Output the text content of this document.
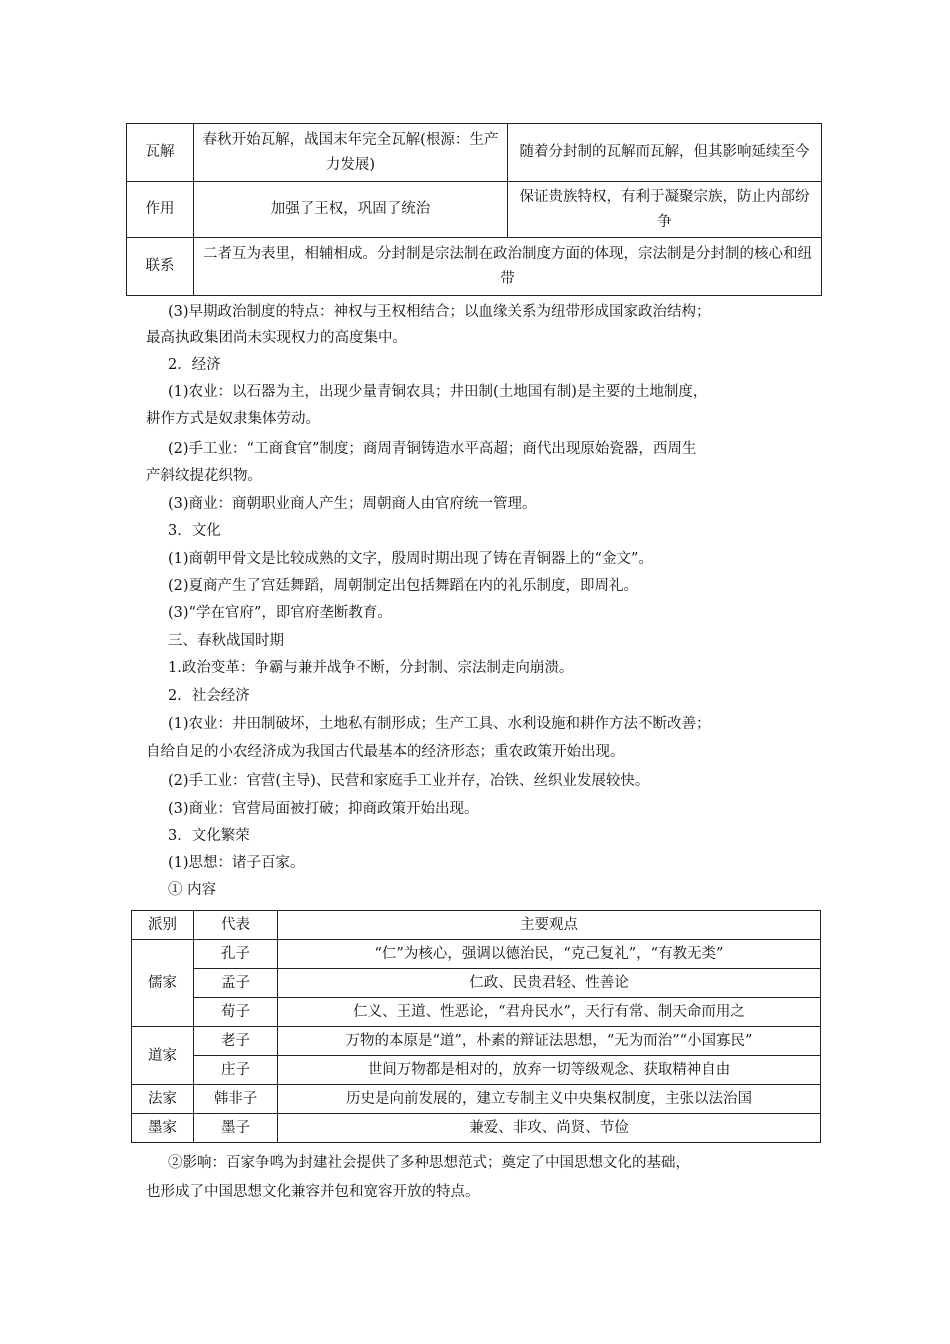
瓦解	春秋开始瓦解，战国末年完全瓦解(根源：生产力发展)	随着分封制的瓦解而瓦解，但其影响延续至今
作用	加强了王权，巩固了统治	保证贵族特权，有利于凝聚宗族，防止内部纷争
联系	二者互为表里，相辅相成。分封制是宗法制在政治制度方面的体现，宗法制是分封制的核心和纽带	
(3)早期政治制度的特点：神权与王权相结合；以血缘关系为纽带形成国家政治结构；
最高执政集团尚未实现权力的高度集中。
2．经济
(1)农业：以石器为主，出现少量青铜农具；井田制(土地国有制)是主要的土地制度，
耕作方式是奴隶集体劳动。
(2)手工业：“工商食官”制度；商周青铜铸造水平高超；商代出现原始瓷器，西周生
产斜纹提花织物。
(3)商业：商朝职业商人产生；周朝商人由官府统一管理。
3．文化
(1)商朝甲骨文是比较成熟的文字，殷周时期出现了铸在青铜器上的“金文”。
(2)夏商产生了宫廷舞蹈，周朝制定出包括舞蹈在内的礼乐制度，即周礼。
(3)“学在官府”，即官府垄断教育。
三、春秋战国时期
1.政治变革：争霸与兼并战争不断，分封制、宗法制走向崩溃。
2．社会经济
(1)农业：井田制破坏，土地私有制形成；生产工具、水利设施和耕作方法不断改善；
自给自足的小农经济成为我国古代最基本的经济形态；重农政策开始出现。
(2)手工业：官营(主导)、民营和家庭手工业并存，冶铁、丝织业发展较快。
(3)商业：官营局面被打破；抑商政策开始出现。
3．文化繁荣
(1)思想：诸子百家。
① 内容
派别	代表	主要观点
儒家	孔子	“仁”为核心，强调以德治民，“克己复礼”，“有教无类”
	孟子	仁政、民贵君轻、性善论
	荀子	仁义、王道、性恶论，“君舟民水”，天行有常、制天命而用之
道家	老子	万物的本原是“道”，朴素的辩证法思想，“无为而治”“小国寡民”
	庄子	世间万物都是相对的，放弃一切等级观念、获取精神自由
法家	韩非子	历史是向前发展的，建立专制主义中央集权制度，主张以法治国
墨家	墨子	兼爱、非攻、尚贤、节俭
②影响：百家争鸣为封建社会提供了多种思想范式；奠定了中国思想文化的基础，
也形成了中国思想文化兼容并包和宽容开放的特点。
